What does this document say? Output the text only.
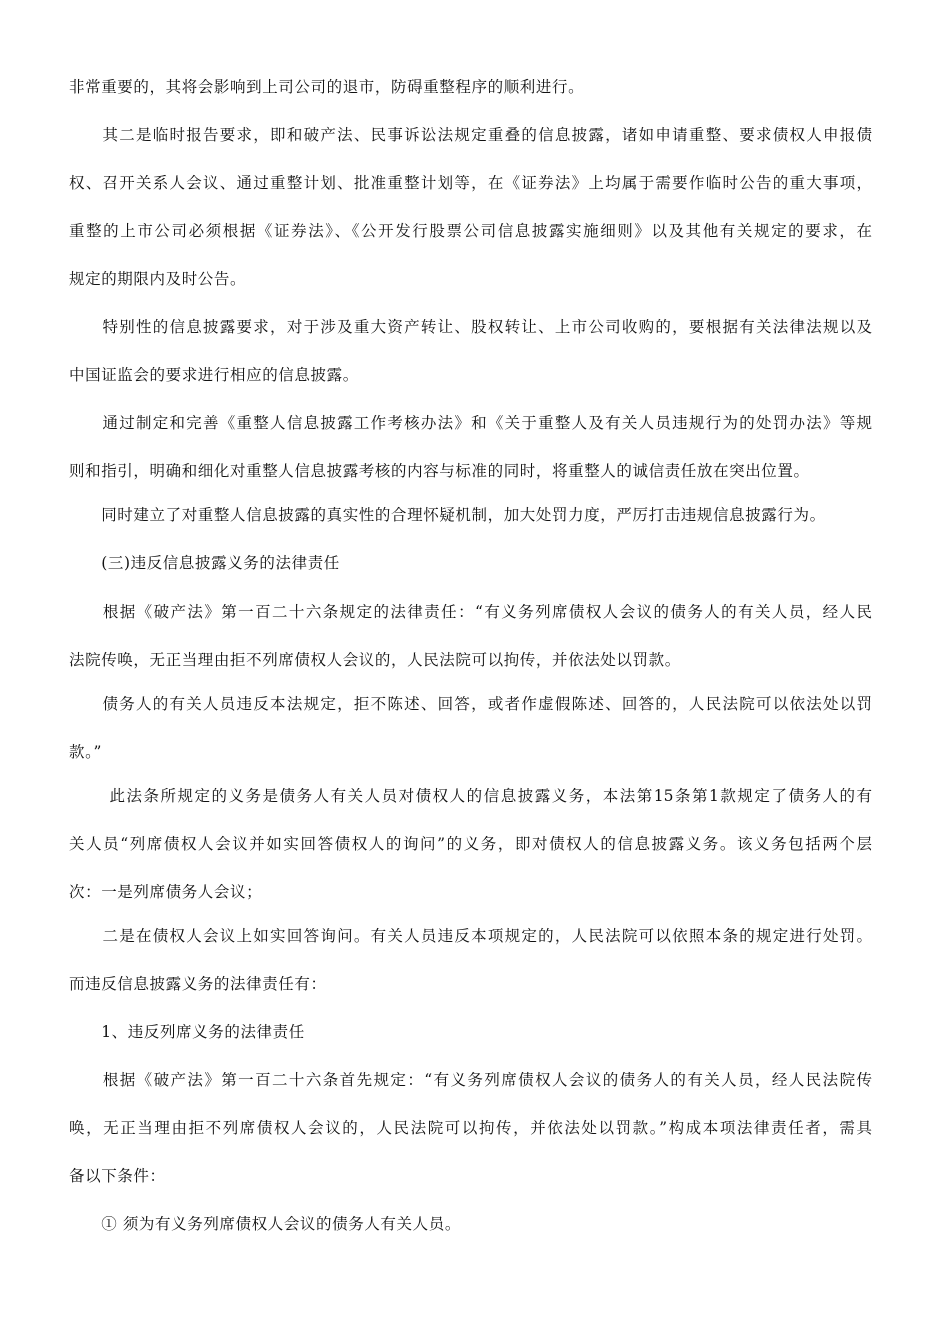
非常重要的，其将会影响到上司公司的退市，防碍重整程序的顺利进行。
　　其二是临时报告要求，即和破产法、民事诉讼法规定重叠的信息披露，诸如申请重整、要求债权人申报债
权、召开关系人会议、通过重整计划、批准重整计划等，在《证券法》上均属于需要作临时公告的重大事项，
重整的上市公司必须根据《证券法》、《公开发行股票公司信息披露实施细则》以及其他有关规定的要求，在
规定的期限内及时公告。
　　特别性的信息披露要求，对于涉及重大资产转让、股权转让、上市公司收购的，要根据有关法律法规以及
中国证监会的要求进行相应的信息披露。
　　通过制定和完善《重整人信息披露工作考核办法》和《关于重整人及有关人员违规行为的处罚办法》等规
则和指引，明确和细化对重整人信息披露考核的内容与标准的同时，将重整人的诚信责任放在突出位置。
　　同时建立了对重整人信息披露的真实性的合理怀疑机制，加大处罚力度，严厉打击违规信息披露行为。
　　(三)违反信息披露义务的法律责任
　　根据《破产法》第一百二十六条规定的法律责任：“有义务列席债权人会议的债务人的有关人员，经人民
法院传唤，无正当理由拒不列席债权人会议的，人民法院可以拘传，并依法处以罚款。
　　债务人的有关人员违反本法规定，拒不陈述、回答，或者作虚假陈述、回答的，人民法院可以依法处以罚
款。”
　　 此法条所规定的义务是债务人有关人员对债权人的信息披露义务，本法第15条第1款规定了债务人的有
关人员“列席债权人会议并如实回答债权人的询问”的义务，即对债权人的信息披露义务。该义务包括两个层
次：一是列席债务人会议；
　　二是在债权人会议上如实回答询问。有关人员违反本项规定的，人民法院可以依照本条的规定进行处罚。
而违反信息披露义务的法律责任有：
　　1、违反列席义务的法律责任
　　根据《破产法》第一百二十六条首先规定：“有义务列席债权人会议的债务人的有关人员，经人民法院传
唤，无正当理由拒不列席债权人会议的，人民法院可以拘传，并依法处以罚款。”构成本项法律责任者，需具
备以下条件：
　　① 须为有义务列席债权人会议的债务人有关人员。
